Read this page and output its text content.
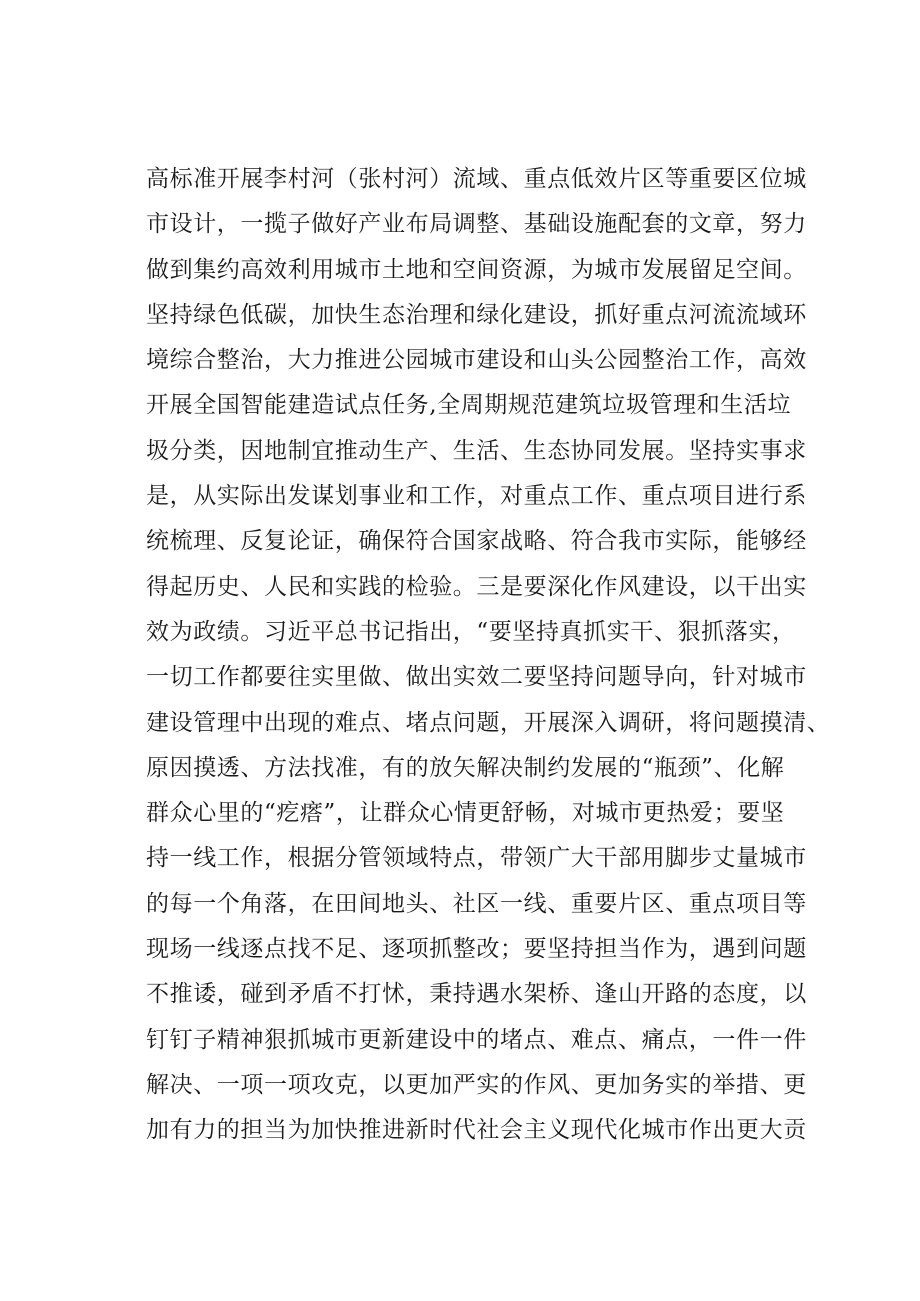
高标准开展李村河（张村河）流域、重点低效片区等重要区位城
市设计，一揽子做好产业布局调整、基础设施配套的文章，努力
做到集约高效利用城市土地和空间资源，为城市发展留足空间。
坚持绿色低碳，加快生态治理和绿化建设，抓好重点河流流域环
境综合整治，大力推进公园城市建设和山头公园整治工作，高效
开展全国智能建造试点任务,全周期规范建筑垃圾管理和生活垃
圾分类，因地制宜推动生产、生活、生态协同发展。坚持实事求
是，从实际出发谋划事业和工作，对重点工作、重点项目进行系
统梳理、反复论证，确保符合国家战略、符合我市实际，能够经
得起历史、人民和实践的检验。三是要深化作风建设，以干出实
效为政绩。习近平总书记指出，“要坚持真抓实干、狠抓落实，
一切工作都要往实里做、做出实效二要坚持问题导向，针对城市
建设管理中出现的难点、堵点问题，开展深入调研，将问题摸清、
原因摸透、方法找准，有的放矢解决制约发展的“瓶颈”、化解
群众心里的“疙瘩”，让群众心情更舒畅，对城市更热爱；要坚
持一线工作，根据分管领域特点，带领广大干部用脚步丈量城市
的每一个角落，在田间地头、社区一线、重要片区、重点项目等
现场一线逐点找不足、逐项抓整改；要坚持担当作为，遇到问题
不推诿，碰到矛盾不打怵，秉持遇水架桥、逢山开路的态度，以
钉钉子精神狠抓城市更新建设中的堵点、难点、痛点，一件一件
解决、一项一项攻克，以更加严实的作风、更加务实的举措、更
加有力的担当为加快推进新时代社会主义现代化城市作出更大贡
